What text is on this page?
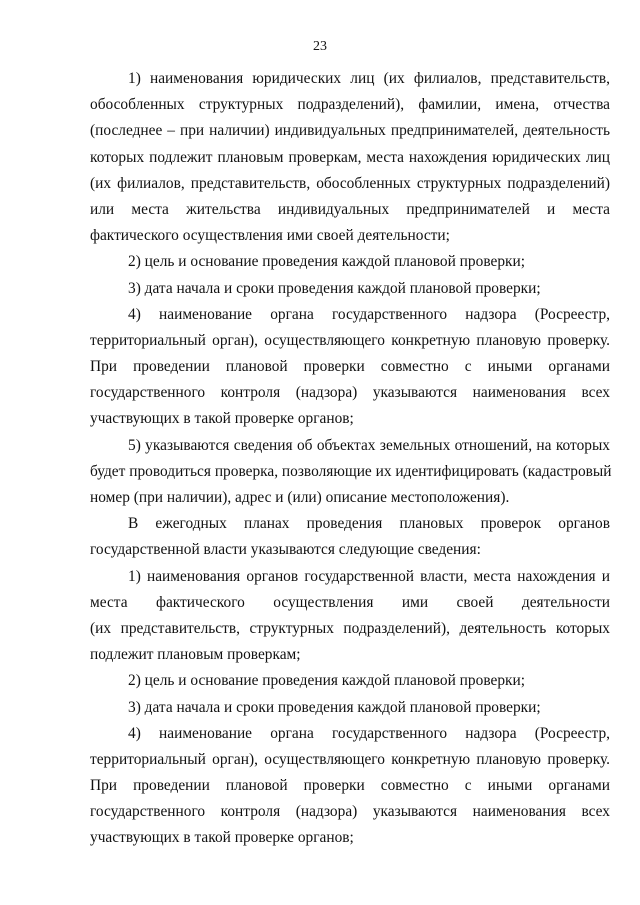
23
1) наименования юридических лиц (их филиалов, представительств,
обособленных структурных подразделений), фамилии, имена, отчества
(последнее – при наличии) индивидуальных предпринимателей, деятельность
которых подлежит плановым проверкам, места нахождения юридических лиц
(их филиалов, представительств, обособленных структурных подразделений)
или места жительства индивидуальных предпринимателей и места
фактического осуществления ими своей деятельности;
2) цель и основание проведения каждой плановой проверки;
3) дата начала и сроки проведения каждой плановой проверки;
4) наименование органа государственного надзора (Росреестр,
территориальный орган), осуществляющего конкретную плановую проверку.
При проведении плановой проверки совместно с иными органами
государственного контроля (надзора) указываются наименования всех
участвующих в такой проверке органов;
5) указываются сведения об объектах земельных отношений, на которых
будет проводиться проверка, позволяющие их идентифицировать (кадастровый
номер (при наличии), адрес и (или) описание местоположения).
В ежегодных планах проведения плановых проверок органов
государственной власти указываются следующие сведения:
1) наименования органов государственной власти, места нахождения и
места фактического осуществления ими своей деятельности
(их представительств, структурных подразделений), деятельность которых
подлежит плановым проверкам;
2) цель и основание проведения каждой плановой проверки;
3) дата начала и сроки проведения каждой плановой проверки;
4) наименование органа государственного надзора (Росреестр,
территориальный орган), осуществляющего конкретную плановую проверку.
При проведении плановой проверки совместно с иными органами
государственного контроля (надзора) указываются наименования всех
участвующих в такой проверке органов;
